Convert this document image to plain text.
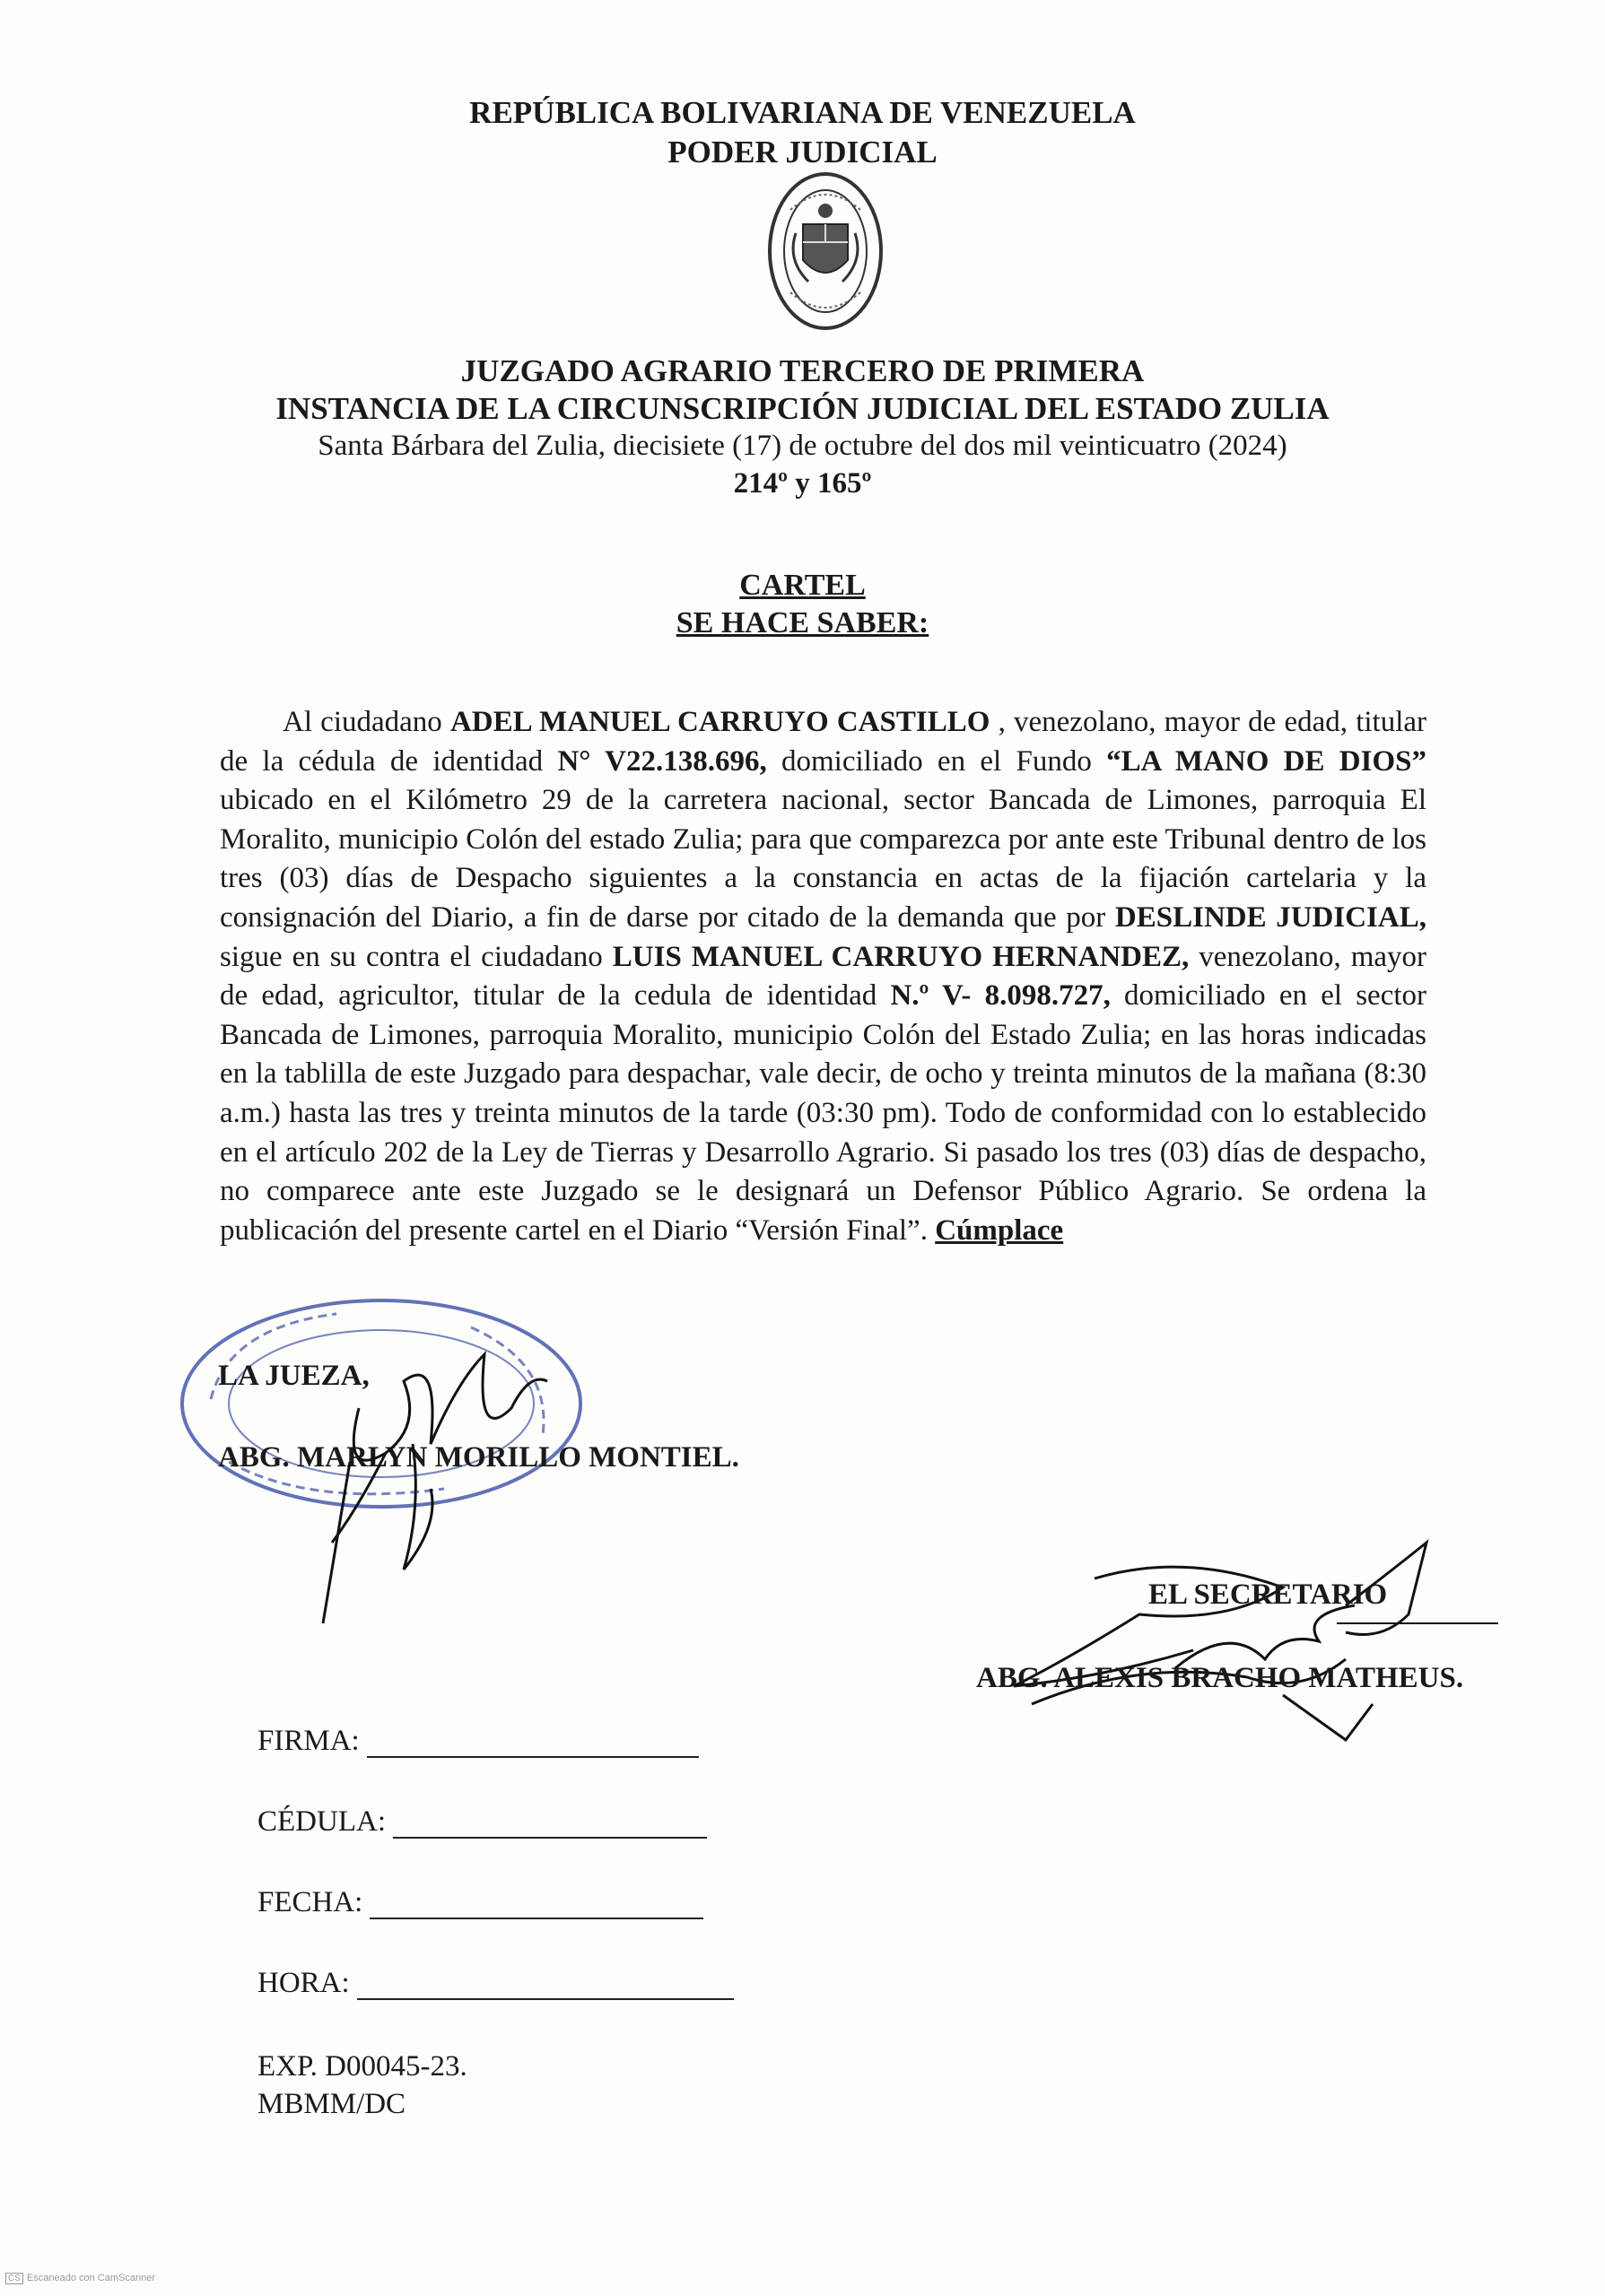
REPÚBLICA BOLIVARIANA DE VENEZUELA
PODER JUDICIAL
JUZGADO AGRARIO TERCERO DE PRIMERA
INSTANCIA DE LA CIRCUNSCRIPCIÓN JUDICIAL DEL ESTADO ZULIA
Santa Bárbara del Zulia, diecisiete (17) de octubre del dos mil veinticuatro (2024)
214º y 165º
CARTEL
SE HACE SABER:

Al ciudadano ADEL MANUEL CARRUYO CASTILLO , venezolano, mayor de edad, titular de la cédula de identidad N° V22.138.696, domiciliado en el Fundo “LA MANO DE DIOS” ubicado en el Kilómetro 29 de la carretera nacional, sector Bancada de Limones, parroquia El Moralito, municipio Colón del estado Zulia; para que comparezca por ante este Tribunal dentro de los tres (03) días de Despacho siguientes a la constancia en actas de la fijación cartelaria y la consignación del Diario, a fin de darse por citado de la demanda que por DESLINDE JUDICIAL, sigue en su contra el ciudadano LUIS MANUEL CARRUYO HERNANDEZ, venezolano, mayor de edad, agricultor, titular de la cedula de identidad N.º V- 8.098.727, domiciliado en el sector Bancada de Limones, parroquia Moralito, municipio Colón del Estado Zulia; en las horas indicadas en la tablilla de este Juzgado para despachar, vale decir, de ocho y treinta minutos de la mañana (8:30 a.m.) hasta las tres y treinta minutos de la tarde (03:30 pm). Todo de conformidad con lo establecido en el artículo 202 de la Ley de Tierras y Desarrollo Agrario. Si pasado los tres (03) días de despacho, no comparece ante este Juzgado se le designará un Defensor Público Agrario. Se ordena la publicación del presente cartel en el Diario “Versión Final”. Cúmplace

LA JUEZA,
ABG. MARLYN MORILLO MONTIEL.
EL SECRETARIO
ABG. ALEXIS BRACHO MATHEUS.
FIRMA:
CÉDULA:
FECHA:
HORA:
EXP. D00045-23.
MBMM/DC
CS Escaneado con CamScanner
